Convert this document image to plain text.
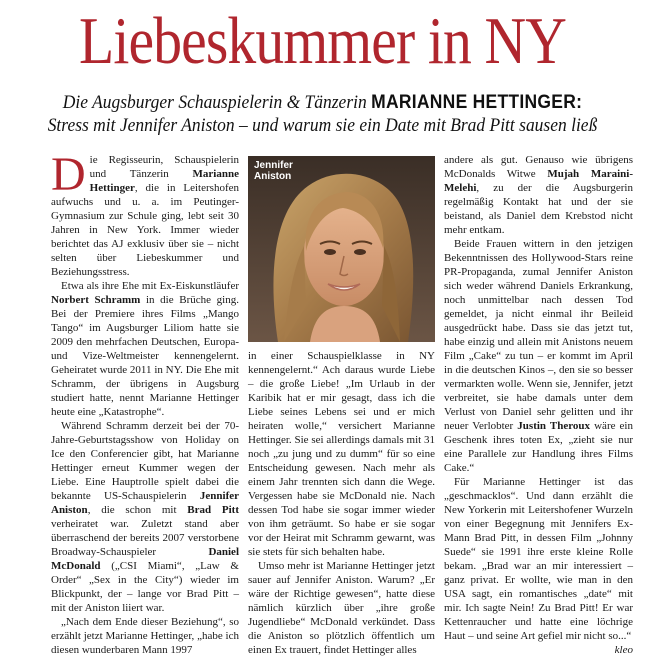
Liebeskummer in NY
Die Augsburger Schauspielerin & Tänzerin MARIANNE HETTINGER:
Stress mit Jennifer Aniston – und warum sie ein Date mit Brad Pitt sausen ließ

Die Regisseurin, Schauspielerin und Tänzerin Marianne Hettinger, die in Leitershofen aufwuchs und u. a. im Peutinger-Gymnasium zur Schule ging, lebt seit 30 Jahren in New York. Immer wieder berichtet das AJ exklusiv über sie – nicht selten über Liebeskummer und Beziehungsstress.

Etwa als ihre Ehe mit Ex-Eiskunstläufer Norbert Schramm in die Brüche ging. Bei der Premiere ihres Films „Mango Tango“ im Augsburger Liliom hatte sie 2009 den mehrfachen Deutschen, Europa- und Vize-Weltmeister kennengelernt. Geheiratet wurde 2011 in NY. Die Ehe mit Schramm, der übrigens in Augsburg studiert hatte, nennt Marianne Hettinger heute eine „Katastrophe“.

Während Schramm derzeit bei der 70-Jahre-Geburtstagsshow von Holiday on Ice den Conferencier gibt, hat Marianne Hettinger erneut Kummer wegen der Liebe. Eine Hauptrolle spielt dabei die bekannte US-Schauspielerin Jennifer Aniston, die schon mit Brad Pitt verheiratet war. Zuletzt stand aber überraschend der bereits 2007 verstorbene Broadway-Schauspieler Daniel McDonald („CSI Miami“, „Law & Order“ „Sex in the City“) wieder im Blickpunkt, der – lange vor Brad Pitt – mit der Aniston liiert war.

„Nach dem Ende dieser Beziehung“, so erzählt jetzt Marianne Hettinger, „habe ich diesen wunderbaren Mann 1997

Jennifer
Aniston

in einer Schauspielklasse in NY kennengelernt.“ Ach daraus wurde Liebe – die große Liebe! „Im Urlaub in der Karibik hat er mir gesagt, dass ich die Liebe seines Lebens sei und er mich heiraten wolle,“ versichert Marianne Hettinger. Sie sei allerdings damals mit 31 noch „zu jung und zu dumm“ für so eine Entscheidung gewesen. Nach mehr als einem Jahr trennten sich dann die Wege. Vergessen habe sie McDonald nie. Nach dessen Tod habe sie sogar immer wieder von ihm geträumt. So habe er sie sogar vor der Heirat mit Schramm gewarnt, was sie stets für sich behalten habe.

Umso mehr ist Marianne Hettinger jetzt sauer auf Jennifer Aniston. Warum? „Er wäre der Richtige gewesen“, hatte diese nämlich kürzlich über „ihre große Jugendliebe“ McDonald verkündet. Dass die Aniston so plötzlich öffentlich um einen Ex trauert, findet Hettinger alles

andere als gut. Genauso wie übrigens McDonalds Witwe Mujah Maraini-Melehi, zu der die Augsburgerin regelmäßig Kontakt hat und der sie beistand, als Daniel dem Krebstod nicht mehr entkam.

Beide Frauen wittern in den jetzigen Bekenntnissen des Hollywood-Stars reine PR-Propaganda, zumal Jennifer Aniston sich weder während Daniels Erkrankung, noch unmittelbar nach dessen Tod gemeldet, ja nicht einmal ihr Beileid ausgedrückt habe. Dass sie das jetzt tut, habe einzig und allein mit Anistons neuem Film „Cake“ zu tun – er kommt im April in die deutschen Kinos –, den sie so besser vermarkten wolle. Wenn sie, Jennifer, jetzt verbreitet, sie habe damals unter dem Verlust von Daniel sehr gelitten und ihr neuer Verlobter Justin Theroux wäre ein Geschenk ihres toten Ex, „zieht sie nur eine Parallele zur Handlung ihres Films Cake.“

Für Marianne Hettinger ist das „geschmacklos“. Und dann erzählt die New Yorkerin mit Leitershofener Wurzeln von einer Begegnung mit Jennifers Ex-Mann Brad Pitt, in dessen Film „Johnny Suede“ sie 1991 ihre erste kleine Rolle bekam. „Brad war an mir interessiert – ganz privat. Er wollte, wie man in den USA sagt, ein romantisches „date“ mit mir. Ich sagte Nein! Zu Brad Pitt! Er war Kettenraucher und hatte eine löchrige Haut – und seine Art gefiel mir nicht so...“
kleo
